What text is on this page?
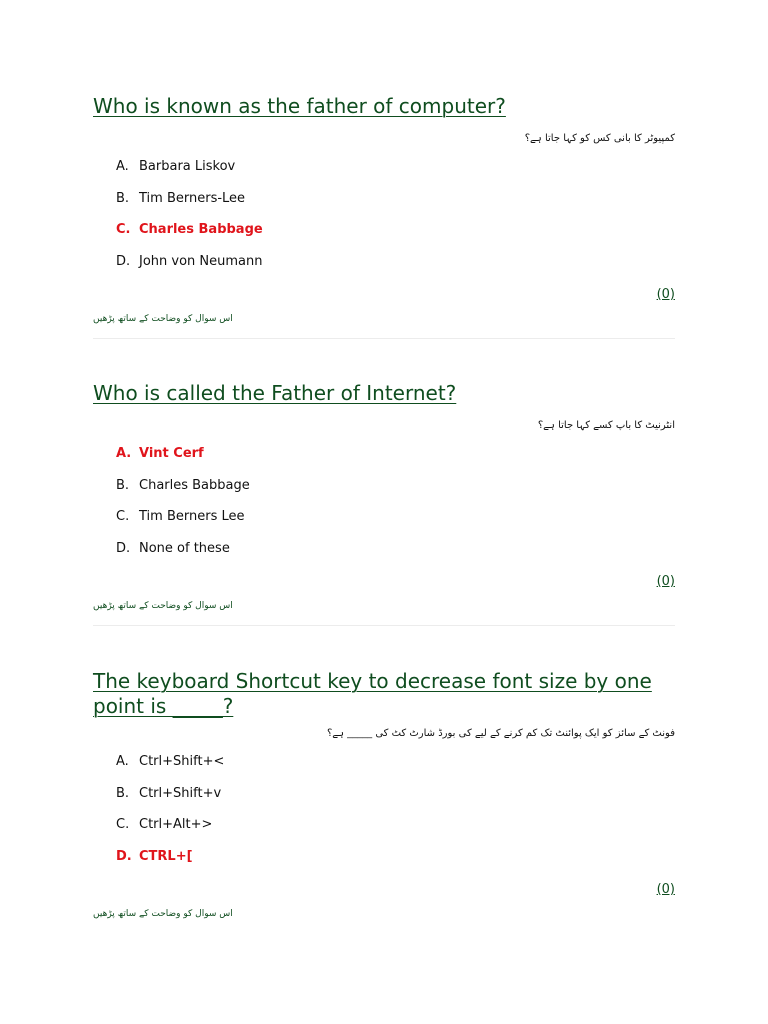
Who is known as the father of computer?
کمپیوٹر کا بانی کس کو کہا جاتا ہے؟
A. Barbara Liskov
B. Tim Berners-Lee
C. Charles Babbage
D. John von Neumann
(0)
اس سوال کو وضاحت کے ساتھ پڑھیں
Who is called the Father of Internet?
انٹرنیٹ کا باپ کسے کہا جاتا ہے؟
A. Vint Cerf
B. Charles Babbage
C. Tim Berners Lee
D. None of these
(0)
اس سوال کو وضاحت کے ساتھ پڑھیں
The keyboard Shortcut key to decrease font size by one point is _____?
فونٹ کے سائز کو ایک پوائنٹ تک کم کرنے کے لیے کی بورڈ شارٹ کٹ کی _____ ہے؟
A. Ctrl+Shift+<
B. Ctrl+Shift+v
C. Ctrl+Alt+>
D. CTRL+[
(0)
اس سوال کو وضاحت کے ساتھ پڑھیں
